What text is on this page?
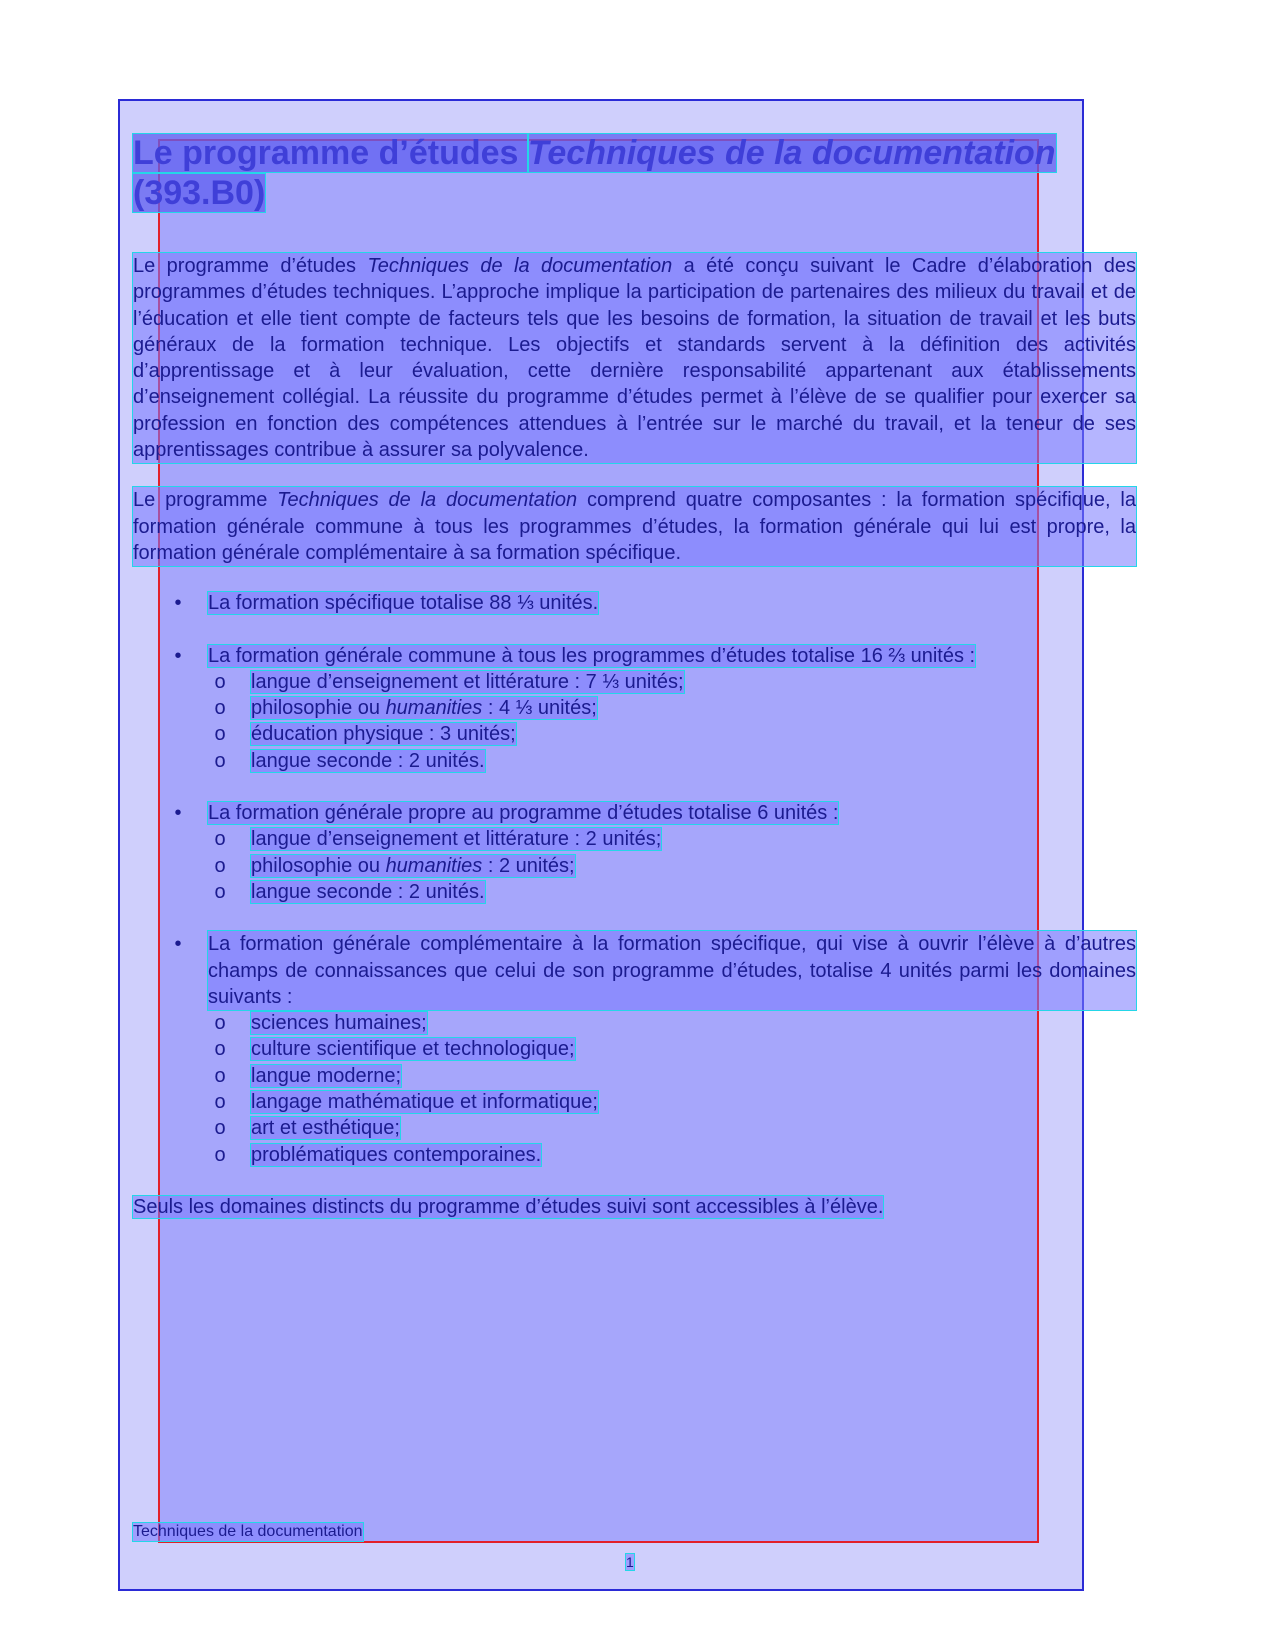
Le programme d’études Techniques de la documentation
(393.B0)

Le programme d’études Techniques de la documentation a été conçu suivant le Cadre d’élaboration des programmes d’études techniques. L’approche implique la participation de partenaires des milieux du travail et de l’éducation et elle tient compte de facteurs tels que les besoins de formation, la situation de travail et les buts généraux de la formation technique. Les objectifs et standards servent à la définition des activités d’apprentissage et à leur évaluation, cette dernière responsabilité appartenant aux établissements d’enseignement collégial. La réussite du programme d’études permet à l’élève de se qualifier pour exercer sa profession en fonction des compétences attendues à l’entrée sur le marché du travail, et la teneur de ses apprentissages contribue à assurer sa polyvalence.

Le programme Techniques de la documentation comprend quatre composantes : la formation spécifique, la formation générale commune à tous les programmes d’études, la formation générale qui lui est propre, la formation générale complémentaire à sa formation spécifique.

• La formation spécifique totalise 88 ⅓ unités.
• La formation générale commune à tous les programmes d’études totalise 16 ⅔ unités :
o langue d’enseignement et littérature : 7 ⅓ unités;
o philosophie ou humanities : 4 ⅓ unités;
o éducation physique : 3 unités;
o langue seconde : 2 unités.
• La formation générale propre au programme d’études totalise 6 unités :
o langue d’enseignement et littérature : 2 unités;
o philosophie ou humanities : 2 unités;
o langue seconde : 2 unités.
• La formation générale complémentaire à la formation spécifique, qui vise à ouvrir l’élève à d’autres champs de connaissances que celui de son programme d’études, totalise 4 unités parmi les domaines suivants :
o sciences humaines;
o culture scientifique et technologique;
o langue moderne;
o langage mathématique et informatique;
o art et esthétique;
o problématiques contemporaines.

Seuls les domaines distincts du programme d’études suivi sont accessibles à l’élève.

Techniques de la documentation
1
